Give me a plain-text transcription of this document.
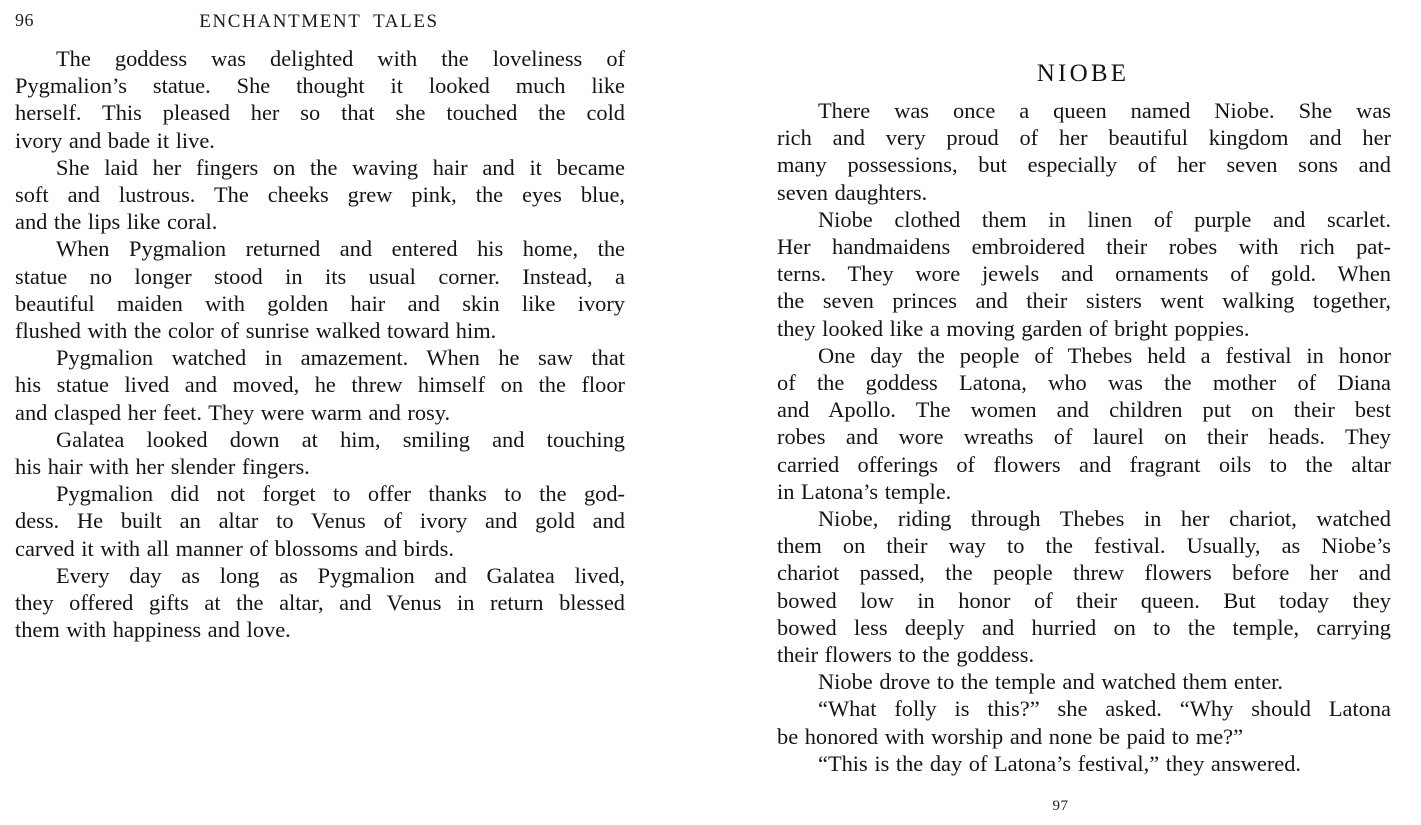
96	ENCHANTMENT TALES

The goddess was delighted with the loveliness of
Pygmalion’s statue. She thought it looked much like
herself. This pleased her so that she touched the cold
ivory and bade it live.

She laid her fingers on the waving hair and it became
soft and lustrous. The cheeks grew pink, the eyes blue,
and the lips like coral.

When Pygmalion returned and entered his home, the
statue no longer stood in its usual corner. Instead, a
beautiful maiden with golden hair and skin like ivory
flushed with the color of sunrise walked toward him.

Pygmalion watched in amazement. When he saw that
his statue lived and moved, he threw himself on the floor
and clasped her feet. They were warm and rosy.

Galatea looked down at him, smiling and touching
his hair with her slender fingers.

Pygmalion did not forget to offer thanks to the god-
dess. He built an altar to Venus of ivory and gold and
carved it with all manner of blossoms and birds.

Every day as long as Pygmalion and Galatea lived,
they offered gifts at the altar, and Venus in return blessed
them with happiness and love.

NIOBE

There was once a queen named Niobe. She was
rich and very proud of her beautiful kingdom and her
many possessions, but especially of her seven sons and
seven daughters.

Niobe clothed them in linen of purple and scarlet.
Her handmaidens embroidered their robes with rich pat-
terns. They wore jewels and ornaments of gold. When
the seven princes and their sisters went walking together,
they looked like a moving garden of bright poppies.

One day the people of Thebes held a festival in honor
of the goddess Latona, who was the mother of Diana
and Apollo. The women and children put on their best
robes and wore wreaths of laurel on their heads. They
carried offerings of flowers and fragrant oils to the altar
in Latona’s temple.

Niobe, riding through Thebes in her chariot, watched
them on their way to the festival. Usually, as Niobe’s
chariot passed, the people threw flowers before her and
bowed low in honor of their queen. But today they
bowed less deeply and hurried on to the temple, carrying
their flowers to the goddess.

Niobe drove to the temple and watched them enter.

“What folly is this?” she asked. “Why should Latona
be honored with worship and none be paid to me?”

“This is the day of Latona’s festival,” they answered.

97
